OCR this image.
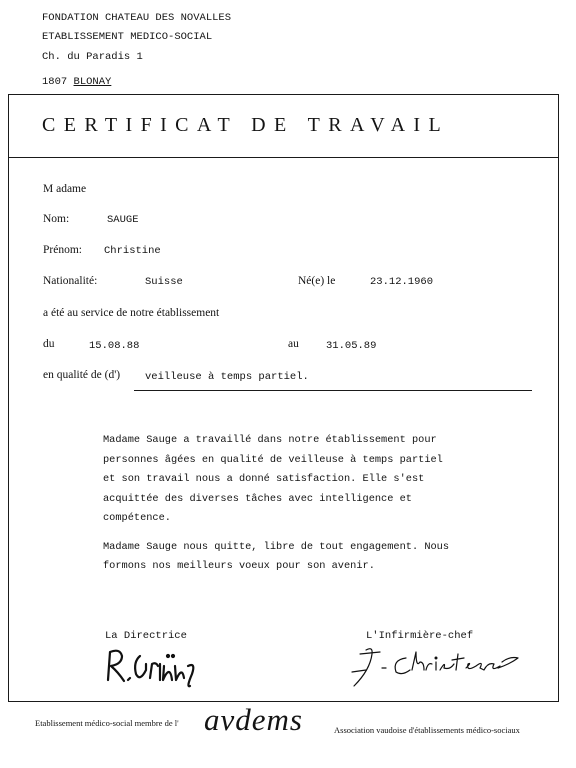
FONDATION CHATEAU DES NOVALLES
ETABLISSEMENT MEDICO-SOCIAL
Ch. du Paradis 1
1807 BLONAY
CERTIFICAT DE TRAVAIL
M adame
Nom:	SAUGE
Prénom: Christine
Nationalité:	Suisse	Né(e) le	23.12.1960
a été au service de notre établissement
du	15.08.88	au	31.05.89
en qualité de (d') veilleuse à temps partiel.

Madame Sauge a travaillé dans notre établissement pour
personnes âgées en qualité de veilleuse à temps partiel
et son travail nous a donné satisfaction. Elle s'est
acquittée des diverses tâches avec intelligence et
compétence.

Madame Sauge nous quitte, libre de tout engagement. Nous
formons nos meilleurs voeux pour son avenir.

La Directrice	L'Infirmière-chef
Etablissement médico-social membre de l' avdems	Association vaudoise d'établissements médico-sociaux
